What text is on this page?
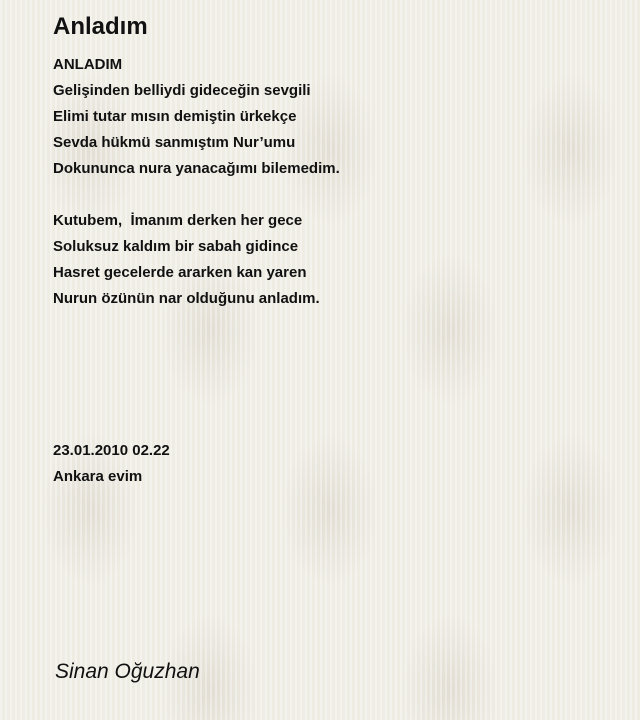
Anladım
ANLADIM
Gelişinden belliydi gideceğin sevgili
Elimi tutar mısın demiştin ürkekçe
Sevda hükmü sanmıştım Nur’umu
Dokununca nura yanacağımı bilemedim.
Kutubem,  İmanım derken her gece
Soluksuz kaldım bir sabah gidince
Hasret gecelerde ararken kan yaren
Nurun özünün nar olduğunu anladım.
23.01.2010 02.22
Ankara evim
Sinan Oğuzhan
